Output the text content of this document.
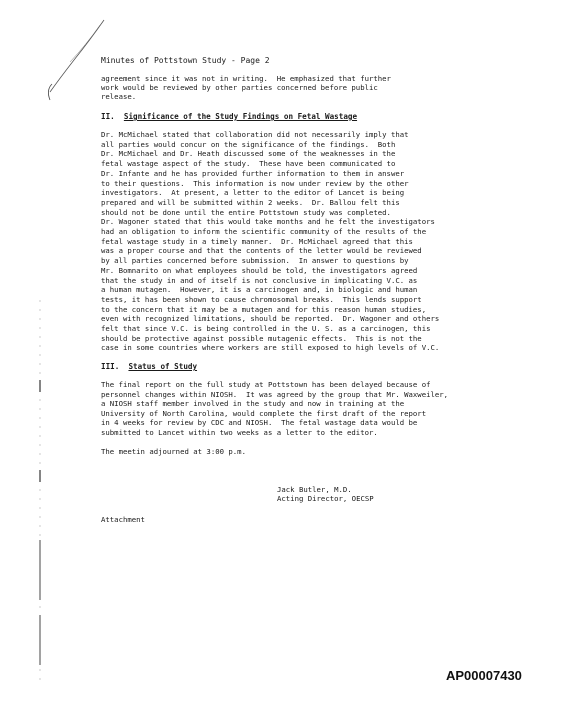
Minutes of Pottstown Study - Page 2
agreement since it was not in writing.  He emphasized that further
work would be reviewed by other parties concerned before public
release.
II. Significance of the Study Findings on Fetal Wastage
Dr. McMichael stated that collaboration did not necessarily imply that
all parties would concur on the significance of the findings.  Both
Dr. McMichael and Dr. Heath discussed some of the weaknesses in the
fetal wastage aspect of the study.  These have been communicated to
Dr. Infante and he has provided further information to them in answer
to their questions.  This information is now under review by the other
investigators.  At present, a letter to the editor of Lancet is being
prepared and will be submitted within 2 weeks.  Dr. Ballou felt this
should not be done until the entire Pottstown study was completed.
Dr. Wagoner stated that this would take months and he felt the investigators
had an obligation to inform the scientific community of the results of the
fetal wastage study in a timely manner.  Dr. McMichael agreed that this
was a proper course and that the contents of the letter would be reviewed
by all parties concerned before submission.  In answer to questions by
Mr. Bomnarito on what employees should be told, the investigators agreed
that the study in and of itself is not conclusive in implicating V.C. as
a human mutagen.  However, it is a carcinogen and, in biologic and human
tests, it has been shown to cause chromosomal breaks.  This lends support
to the concern that it may be a mutagen and for this reason human studies,
even with recognized limitations, should be reported.  Dr. Wagoner and others
felt that since V.C. is being controlled in the U. S. as a carcinogen, this
should be protective against possible mutagenic effects.  This is not the
case in some countries where workers are still exposed to high levels of V.C.
III. Status of Study
The final report on the full study at Pottstown has been delayed because of
personnel changes within NIOSH.  It was agreed by the group that Mr. Waxweiler,
a NIOSH staff member involved in the study and now in training at the
University of North Carolina, would complete the first draft of the report
in 4 weeks for review by CDC and NIOSH.  The fetal wastage data would be
submitted to Lancet within two weeks as a letter to the editor.
The meetin adjourned at 3:00 p.m.
Jack Butler, M.D.
Acting Director, OECSP
Attachment
AP00007430
